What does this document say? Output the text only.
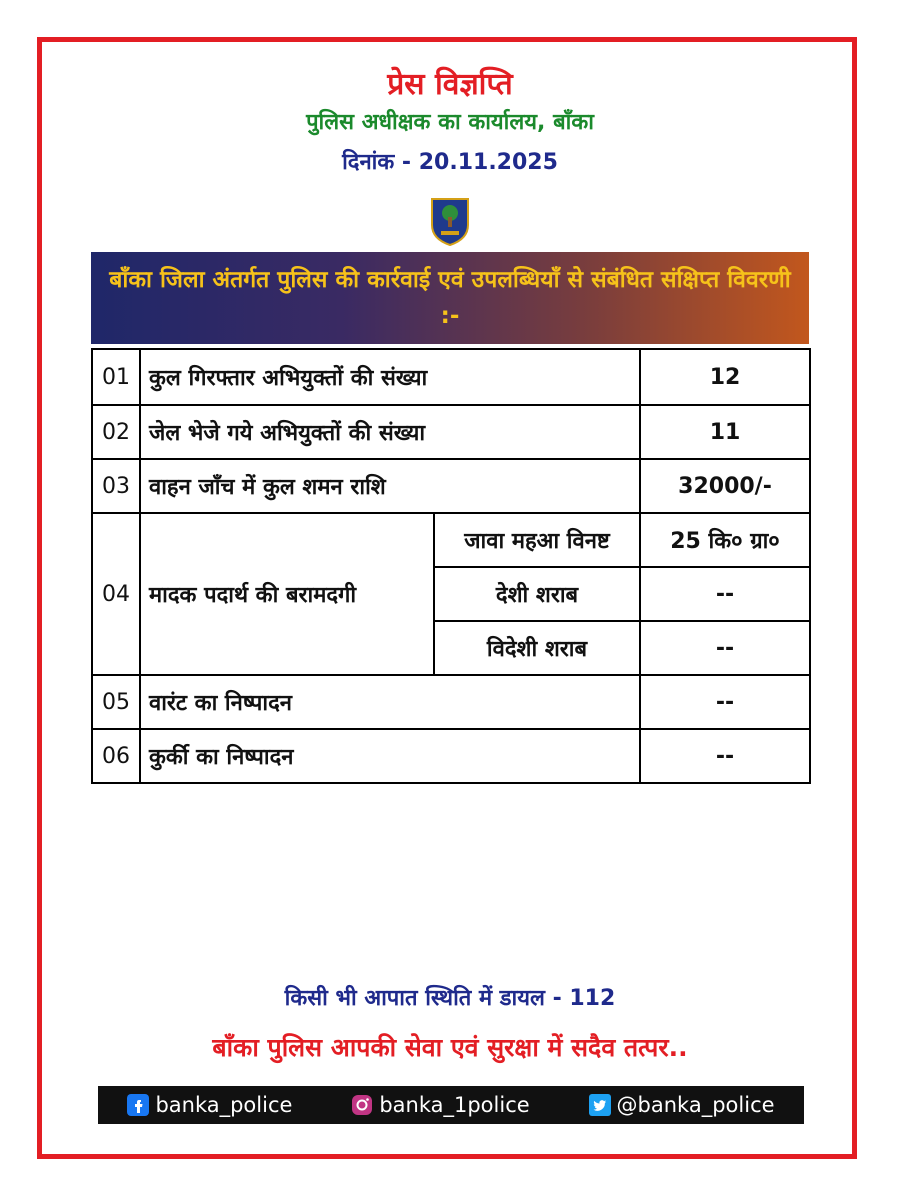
प्रेस विज्ञप्ति
पुलिस अधीक्षक का कार्यालय, बाँका
दिनांक - 20.11.2025
बाँका जिला अंतर्गत पुलिस की कार्रवाई एवं उपलब्धियाँ से संबंधित संक्षिप्त विवरणी :-
01	कुल गिरफ्तार अभियुक्तों की संख्या		12
02	जेल भेजे गये अभियुक्तों की संख्या		11
03	वाहन जाँच में कुल शमन राशि		32000/-
04	मादक पदार्थ की बरामदगी	जावा महआ विनष्ट	25 कि० ग्रा०
		देशी शराब	--
		विदेशी शराब	--
05	वारंट का निष्पादन		--
06	कुर्की का निष्पादन		--
किसी भी आपात स्थिति में डायल - 112
बाँका पुलिस आपकी सेवा एवं सुरक्षा में सदैव तत्पर..
banka_police	banka_1police	@banka_police
